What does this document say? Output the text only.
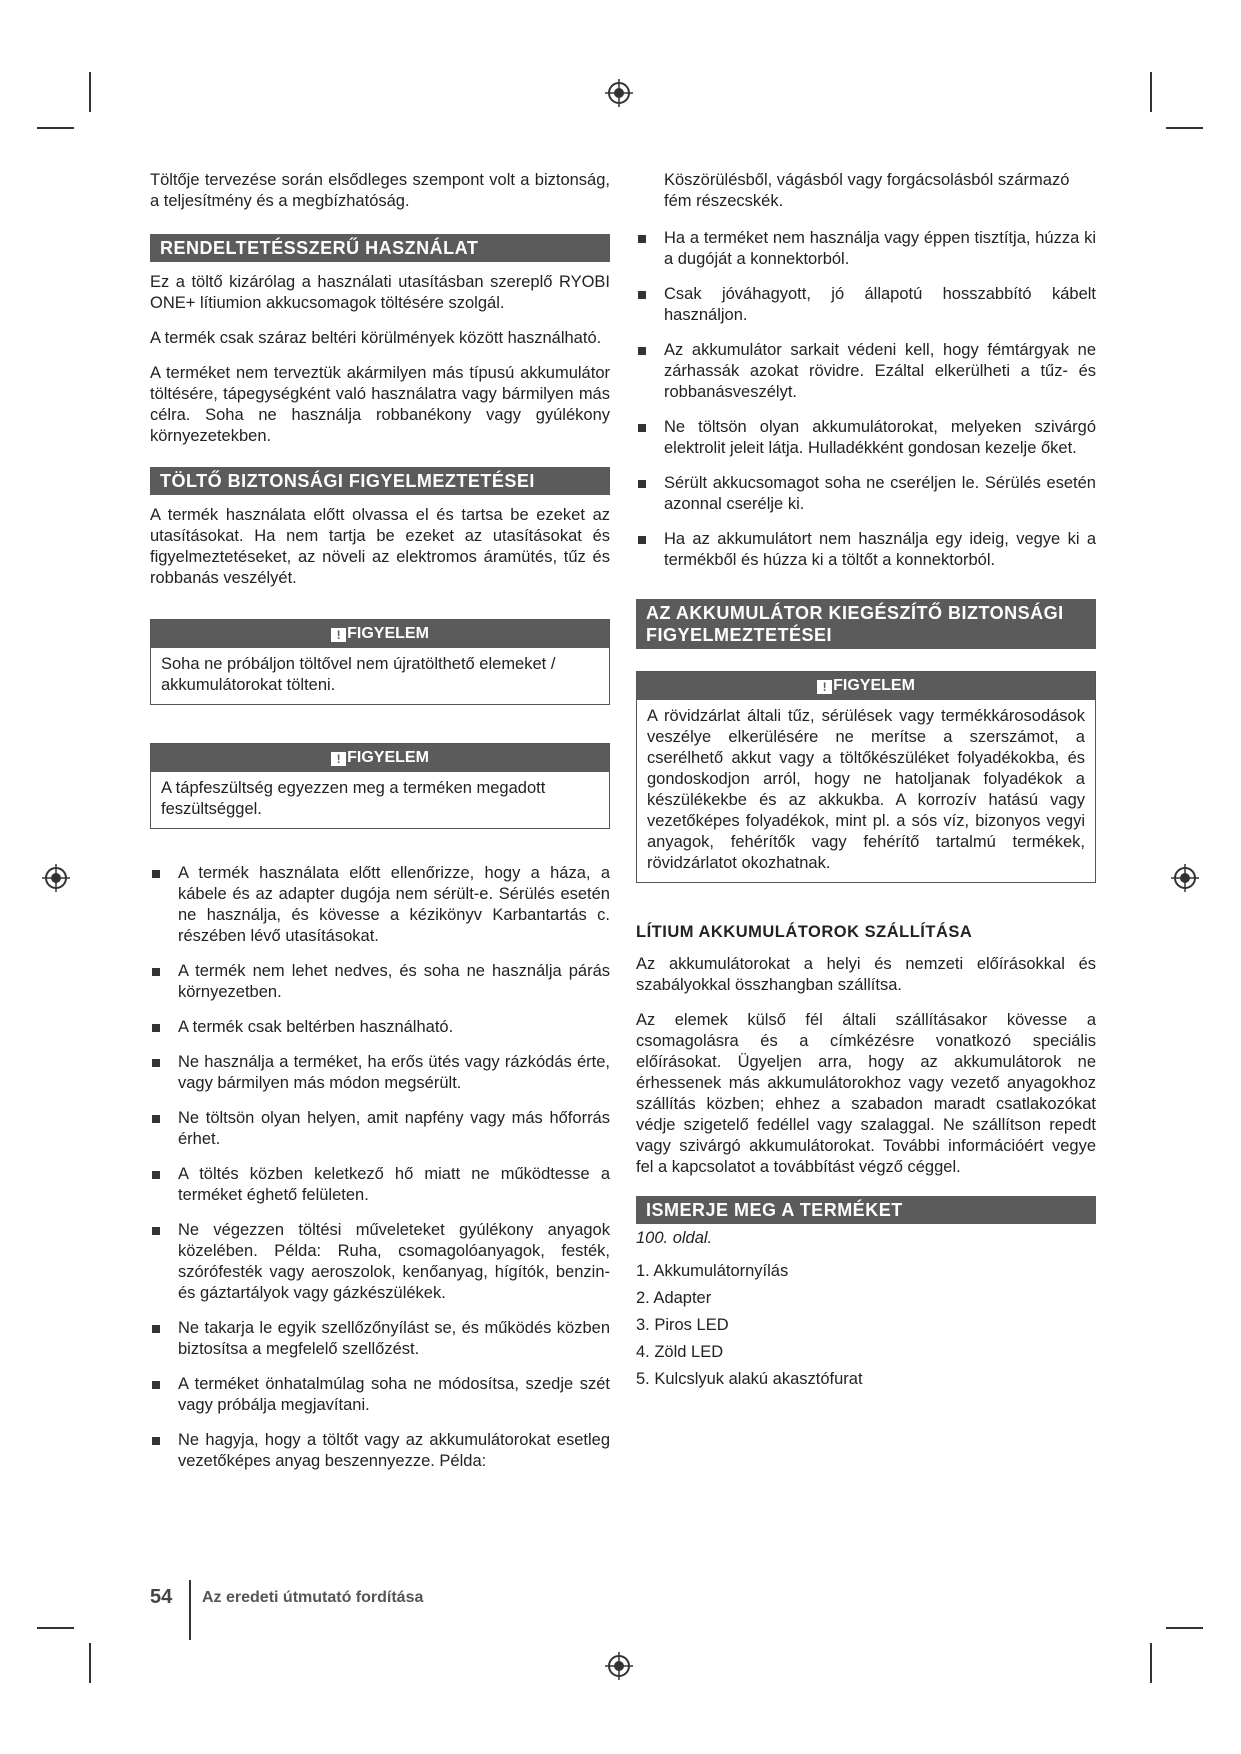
Töltője tervezése során elsődleges szempont volt a biztonság, a teljesítmény és a megbízhatóság.

RENDELTETÉSSZERŰ HASZNÁLAT

Ez a töltő kizárólag a használati utasításban szereplő RYOBI ONE+ lítiumion akkucsomagok töltésére szolgál.

A termék csak száraz beltéri körülmények között használható.

A terméket nem terveztük akármilyen más típusú akkumulátor töltésére, tápegységként való használatra vagy bármilyen más célra. Soha ne használja robbanékony vagy gyúlékony környezetekben.

TÖLTŐ BIZTONSÁGI FIGYELMEZTETÉSEI

A termék használata előtt olvassa el és tartsa be ezeket az utasításokat. Ha nem tartja be ezeket az utasításokat és figyelmeztetéseket, az növeli az elektromos áramütés, tűz és robbanás veszélyét.

! FIGYELEM
Soha ne próbáljon töltővel nem újratölthető elemeket / akkumulátorokat tölteni.
! FIGYELEM
A tápfeszültség egyezzen meg a terméken megadott feszültséggel.
A termék használata előtt ellenőrizze, hogy a háza, a kábele és az adapter dugója nem sérült-e. Sérülés esetén ne használja, és kövesse a kézikönyv Karbantartás c. részében lévő utasításokat.
A termék nem lehet nedves, és soha ne használja párás környezetben.
A termék csak beltérben használható.
Ne használja a terméket, ha erős ütés vagy rázkódás érte, vagy bármilyen más módon megsérült.
Ne töltsön olyan helyen, amit napfény vagy más hőforrás érhet.
A töltés közben keletkező hő miatt ne működtesse a terméket éghető felületen.
Ne végezzen töltési műveleteket gyúlékony anyagok közelében. Példa: Ruha, csomagolóanyagok, festék, szórófesték vagy aeroszolok, kenőanyag, hígítók, benzin- és gáztartályok vagy gázkészülékek.
Ne takarja le egyik szellőzőnyílást se, és működés közben biztosítsa a megfelelő szellőzést.
A terméket önhatalmúlag soha ne módosítsa, szedje szét vagy próbálja megjavítani.
Ne hagyja, hogy a töltőt vagy az akkumulátorokat esetleg vezetőképes anyag beszennyezze. Példa:

Köszörülésből, vágásból vagy forgácsolásból származó fém részecskék.

Ha a terméket nem használja vagy éppen tisztítja, húzza ki a dugóját a konnektorból.
Csak jóváhagyott, jó állapotú hosszabbító kábelt használjon.
Az akkumulátor sarkait védeni kell, hogy fémtárgyak ne zárhassák azokat rövidre. Ezáltal elkerülheti a tűz- és robbanásveszélyt.
Ne töltsön olyan akkumulátorokat, melyeken szivárgó elektrolit jeleit látja. Hulladékként gondosan kezelje őket.
Sérült akkucsomagot soha ne cseréljen le. Sérülés esetén azonnal cserélje ki.
Ha az akkumulátort nem használja egy ideig, vegye ki a termékből és húzza ki a töltőt a konnektorból.
AZ AKKUMULÁTOR KIEGÉSZÍTŐ BIZTONSÁGI FIGYELMEZTETÉSEI
! FIGYELEM
A rövidzárlat általi tűz, sérülések vagy termékkárosodások veszélye elkerülésére ne merítse a szerszámot, a cserélhető akkut vagy a töltőkészüléket folyadékokba, és gondoskodjon arról, hogy ne hatoljanak folyadékok a készülékekbe és az akkukba. A korrozív hatású vagy vezetőképes folyadékok, mint pl. a sós víz, bizonyos vegyi anyagok, fehérítők vagy fehérítő tartalmú termékek, rövidzárlatot okozhatnak.
LÍTIUM AKKUMULÁTOROK SZÁLLÍTÁSA

Az akkumulátorokat a helyi és nemzeti előírásokkal és szabályokkal összhangban szállítsa.

Az elemek külső fél általi szállításakor kövesse a csomagolásra és a címkézésre vonatkozó speciális előírásokat. Ügyeljen arra, hogy az akkumulátorok ne érhessenek más akkumulátorokhoz vagy vezető anyagokhoz szállítás közben; ehhez a szabadon maradt csatlakozókat védje szigetelő fedéllel vagy szalaggal. Ne szállítson repedt vagy szivárgó akkumulátorokat. További információért vegye fel a kapcsolatot a továbbítást végző céggel.

ISMERJE MEG A TERMÉKET

100. oldal.

1. Akkumulátornyílás
2. Adapter
3. Piros LED
4. Zöld LED
5. Kulcslyuk alakú akasztófurat
54 Az eredeti útmutató fordítása
